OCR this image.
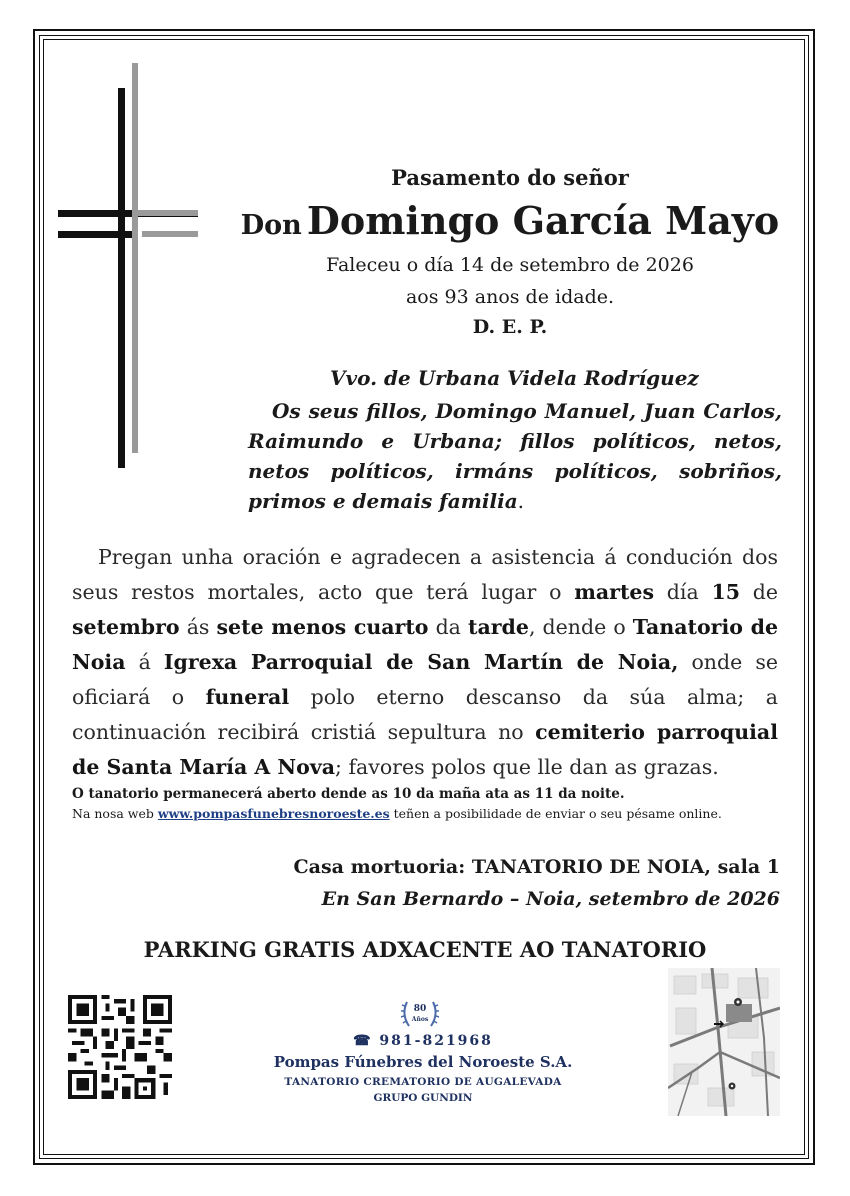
Pasamento do señor
Don Domingo García Mayo
Faleceu o día 14 de setembro de 2026
aos 93 anos de idade.
D. E. P.
Vvo. de Urbana Videla Rodríguez
Os seus fillos, Domingo Manuel, Juan Carlos, Raimundo e Urbana; fillos políticos, netos, netos políticos, irmáns políticos, sobriños, primos e demais familia.
Pregan unha oración e agradecen a asistencia á condución dos seus restos mortales, acto que terá lugar o martes día 15 de setembro ás sete menos cuarto da tarde, dende o Tanatorio de Noia á Igrexa Parroquial de San Martín de Noia, onde se oficiará o funeral polo eterno descanso da súa alma; a continuación recibirá cristiá sepultura no cemiterio parroquial de Santa María A Nova; favores polos que lle dan as grazas.
O tanatorio permanecerá aberto dende as 10 da maña ata as 11 da noite.
Na nosa web www.pompasfunebresnoroeste.es teñen a posibilidade de enviar o seu pésame online.
Casa mortuoria: TANATORIO DE NOIA, sala 1
En San Bernardo – Noia, setembro de 2026
PARKING GRATIS ADXACENTE AO TANATORIO
80
Años
☎ 981-821968
Pompas Fúnebres del Noroeste S.A.
TANATORIO CREMATORIO DE AUGALEVADA
GRUPO GUNDIN
